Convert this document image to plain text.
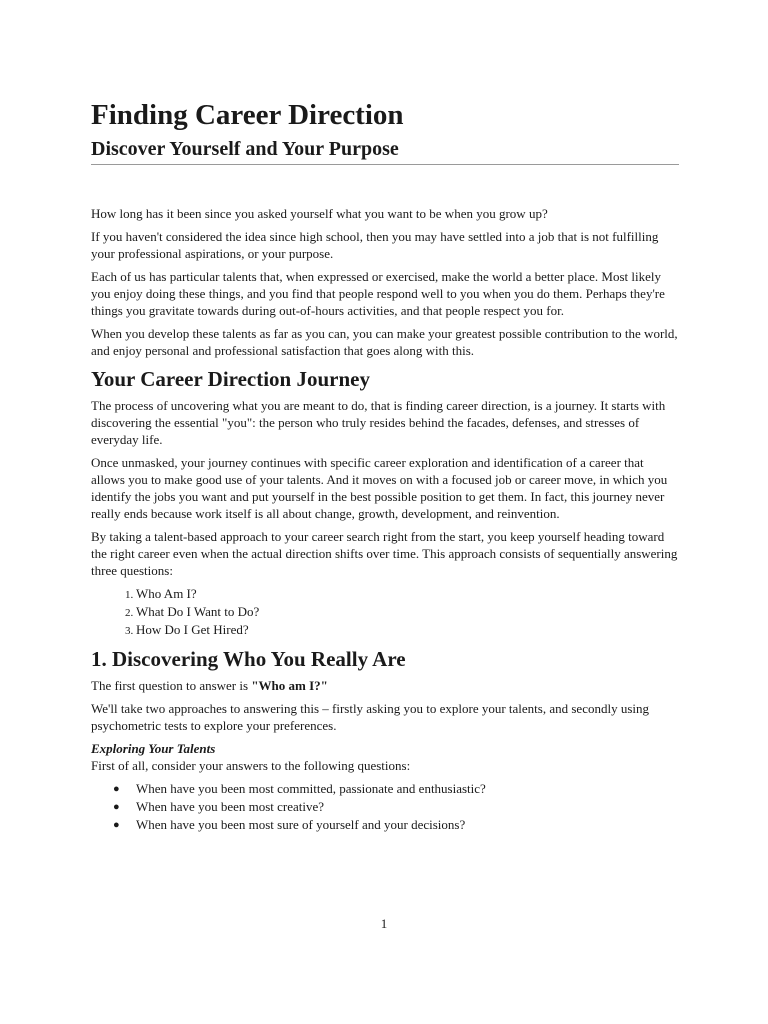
Finding Career Direction
Discover Yourself and Your Purpose

How long has it been since you asked yourself what you want to be when you grow up?

If you haven't considered the idea since high school, then you may have settled into a job that is not fulfilling your professional aspirations, or your purpose.

Each of us has particular talents that, when expressed or exercised, make the world a better place. Most likely you enjoy doing these things, and you find that people respond well to you when you do them. Perhaps they're things you gravitate towards during out-of-hours activities, and that people respect you for.

When you develop these talents as far as you can, you can make your greatest possible contribution to the world, and enjoy personal and professional satisfaction that goes along with this.

Your Career Direction Journey

The process of uncovering what you are meant to do, that is finding career direction, is a journey. It starts with discovering the essential "you": the person who truly resides behind the facades, defenses, and stresses of everyday life.

Once unmasked, your journey continues with specific career exploration and identification of a career that allows you to make good use of your talents. And it moves on with a focused job or career move, in which you identify the jobs you want and put yourself in the best possible position to get them. In fact, this journey never really ends because work itself is all about change, growth, development, and reinvention.

By taking a talent-based approach to your career search right from the start, you keep yourself heading toward the right career even when the actual direction shifts over time. This approach consists of sequentially answering three questions:

1. Who Am I?
2. What Do I Want to Do?
3. How Do I Get Hired?
1. Discovering Who You Really Are

The first question to answer is "Who am I?"

We'll take two approaches to answering this – firstly asking you to explore your talents, and secondly using psychometric tests to explore your preferences.

Exploring Your Talents

First of all, consider your answers to the following questions:

● When have you been most committed, passionate and enthusiastic?
● When have you been most creative?
● When have you been most sure of yourself and your decisions?
1
